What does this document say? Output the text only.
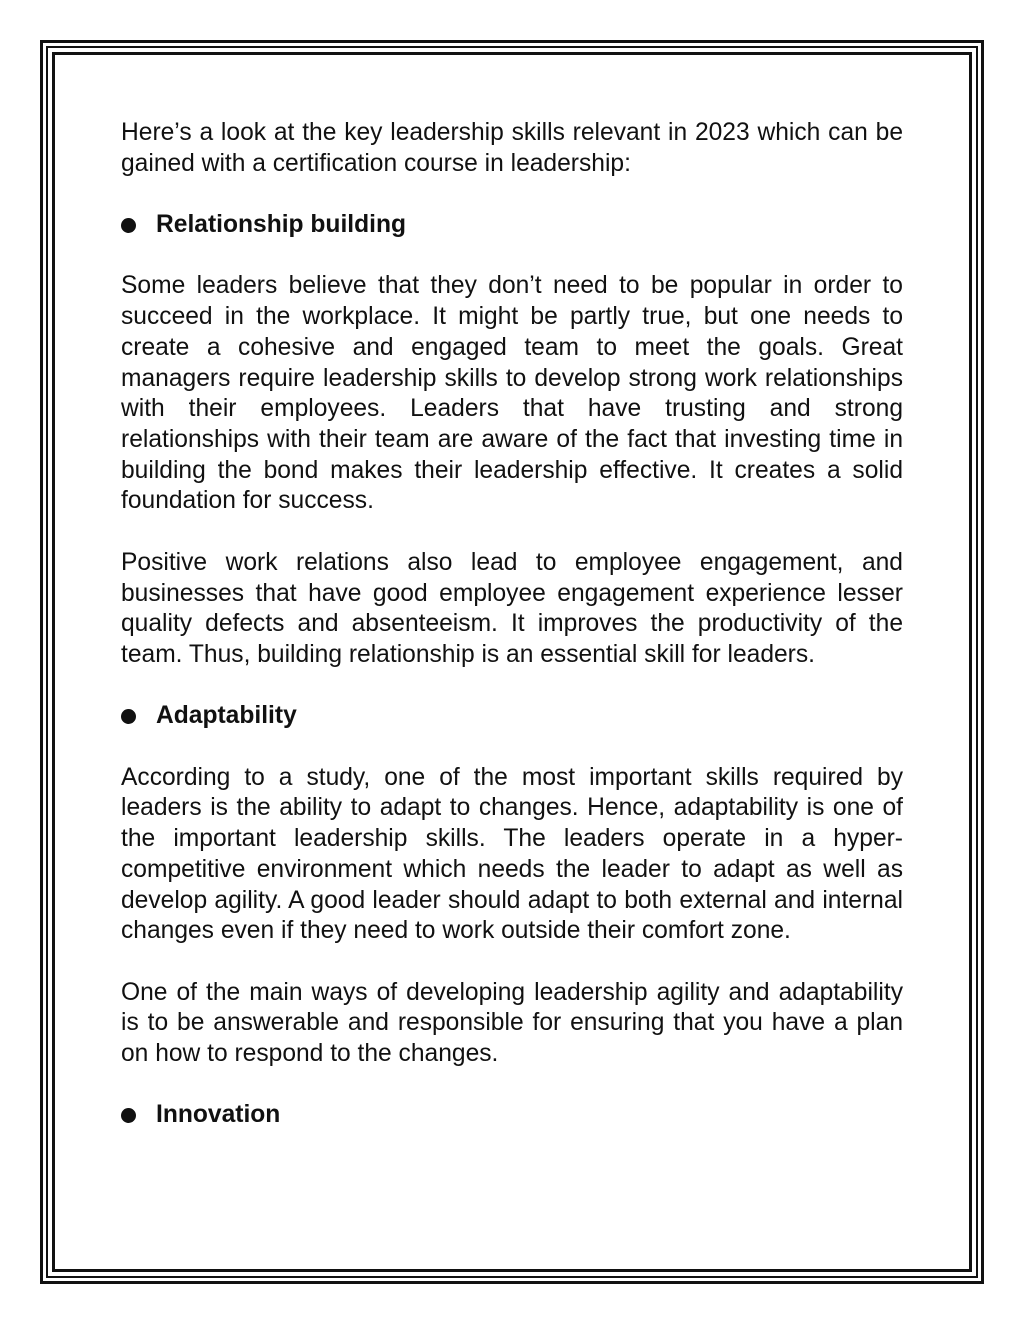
Here’s a look at the key leadership skills relevant in 2023 which can be gained with a certification course in leadership:

Relationship building

Some leaders believe that they don’t need to be popular in order to succeed in the workplace. It might be partly true, but one needs to create a cohesive and engaged team to meet the goals. Great managers require leadership skills to develop strong work relationships with their employees. Leaders that have trusting and strong relationships with their team are aware of the fact that investing time in building the bond makes their leadership effective. It creates a solid foundation for success.

Positive work relations also lead to employee engagement, and businesses that have good employee engagement experience lesser quality defects and absenteeism. It improves the productivity of the team. Thus, building relationship is an essential skill for leaders.

Adaptability

According to a study, one of the most important skills required by leaders is the ability to adapt to changes. Hence, adaptability is one of the important leadership skills. The leaders operate in a hyper-competitive environment which needs the leader to adapt as well as develop agility. A good leader should adapt to both external and internal changes even if they need to work outside their comfort zone.

One of the main ways of developing leadership agility and adaptability is to be answerable and responsible for ensuring that you have a plan on how to respond to the changes.

Innovation
